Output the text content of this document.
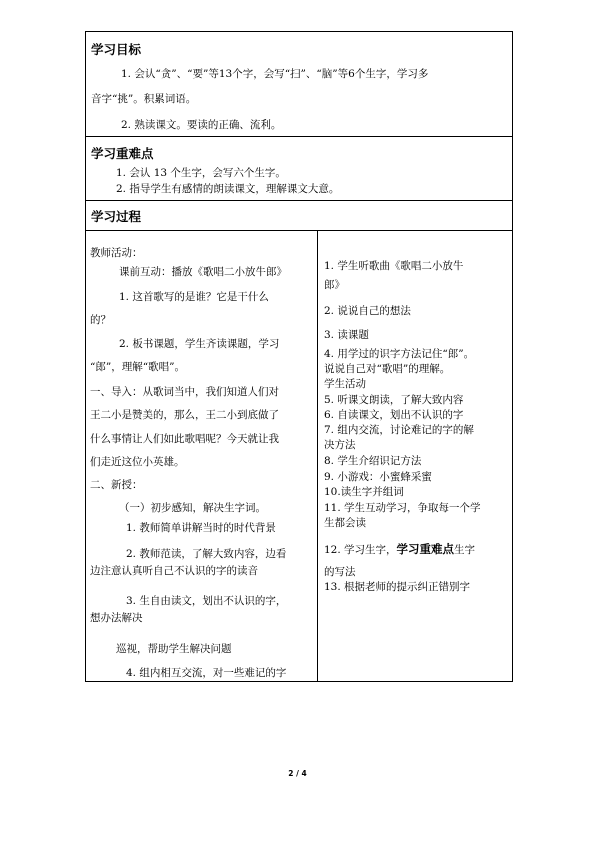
学习目标
1. 会认“贪”、“要”等13个字，会写“扫”、“脑”等6个生字，学习多
音字“挑”。积累词语。
2. 熟读课文。要读的正确、流利。
学习重难点
1. 会认 13 个生字，会写六个生字。
2. 指导学生有感情的朗读课文，理解课文大意。
学习过程
教师活动：
课前互动：播放《歌唱二小放牛郎》
1. 这首歌写的是谁？它是干什么
的？
2. 板书课题，学生齐读课题，学习
“郎”，理解“歌唱”。
一、导入：从歌词当中，我们知道人们对
王二小是赞美的，那么，王二小到底做了
什么事情让人们如此歌唱呢？今天就让我
们走近这位小英雄。
二、新授：
（一）初步感知，解决生字词。
1. 教师简单讲解当时的时代背景
2. 教师范读，了解大致内容，边看
边注意认真听自己不认识的字的读音
3. 生自由读文，划出不认识的字，
想办法解决
巡视，帮助学生解决问题
4. 组内相互交流，对一些难记的字
1. 学生听歌曲《歌唱二小放牛
郎》
2. 说说自己的想法
3. 读课题
4. 用学过的识字方法记住“郎”。
说说自己对“歌唱”的理解。
学生活动
5. 听课文朗读，了解大致内容
6. 自读课文，划出不认识的字
7. 组内交流，讨论难记的字的解
决方法
8. 学生介绍识记方法
9. 小游戏：小蜜蜂采蜜
10.读生字并组词
11. 学生互动学习，争取每一个学
生都会读
12. 学习生字，学习重难点生字
的写法
13. 根据老师的提示纠正错别字
2 / 4
